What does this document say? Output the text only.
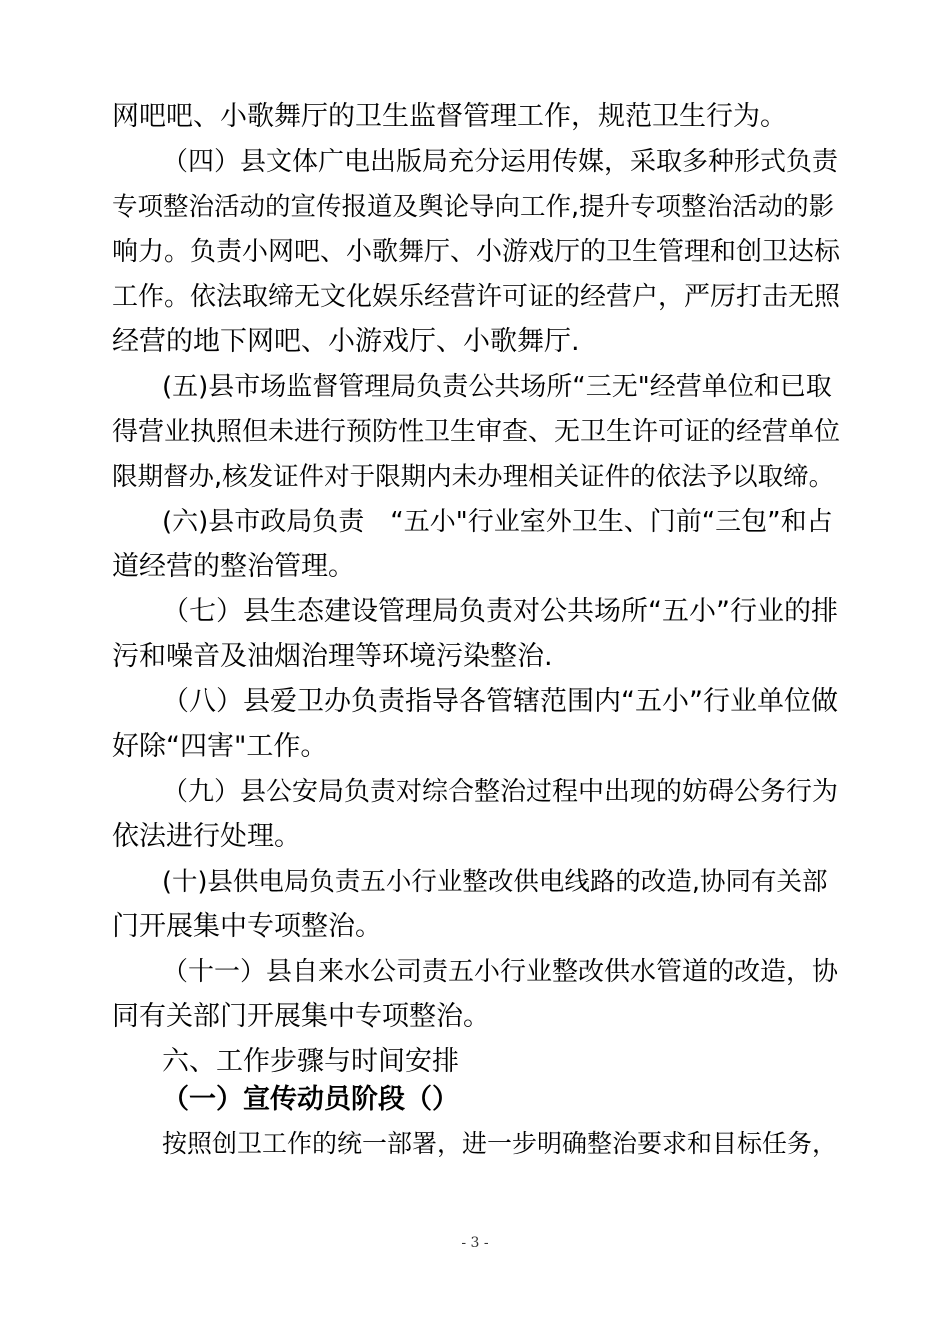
网吧吧、小歌舞厅的卫生监督管理工作，规范卫生行为。
（四）县文体广电出版局充分运用传媒，采取多种形式负责
专项整治活动的宣传报道及舆论导向工作,提升专项整治活动的影
响力。负责小网吧、小歌舞厅、小游戏厅的卫生管理和创卫达标
工作。依法取缔无文化娱乐经营许可证的经营户，严厉打击无照
经营的地下网吧、小游戏厅、小歌舞厅.
(五)县市场监督管理局负责公共场所“三无"经营单位和已取
得营业执照但未进行预防性卫生审查、无卫生许可证的经营单位
限期督办,核发证件对于限期内未办理相关证件的依法予以取缔。
(六)县市政局负责　“五小"行业室外卫生、门前“三包”和占
道经营的整治管理。
（七）县生态建设管理局负责对公共场所“五小”行业的排
污和噪音及油烟治理等环境污染整治.
（八）县爱卫办负责指导各管辖范围内“五小”行业单位做
好除“四害"工作。
（九）县公安局负责对综合整治过程中出现的妨碍公务行为
依法进行处理。
(十)县供电局负责五小行业整改供电线路的改造,协同有关部
门开展集中专项整治。
（十一）县自来水公司责五小行业整改供水管道的改造，协
同有关部门开展集中专项整治。
六、工作步骤与时间安排
（一）宣传动员阶段（）
按照创卫工作的统一部署，进一步明确整治要求和目标任务，
- 3 -
